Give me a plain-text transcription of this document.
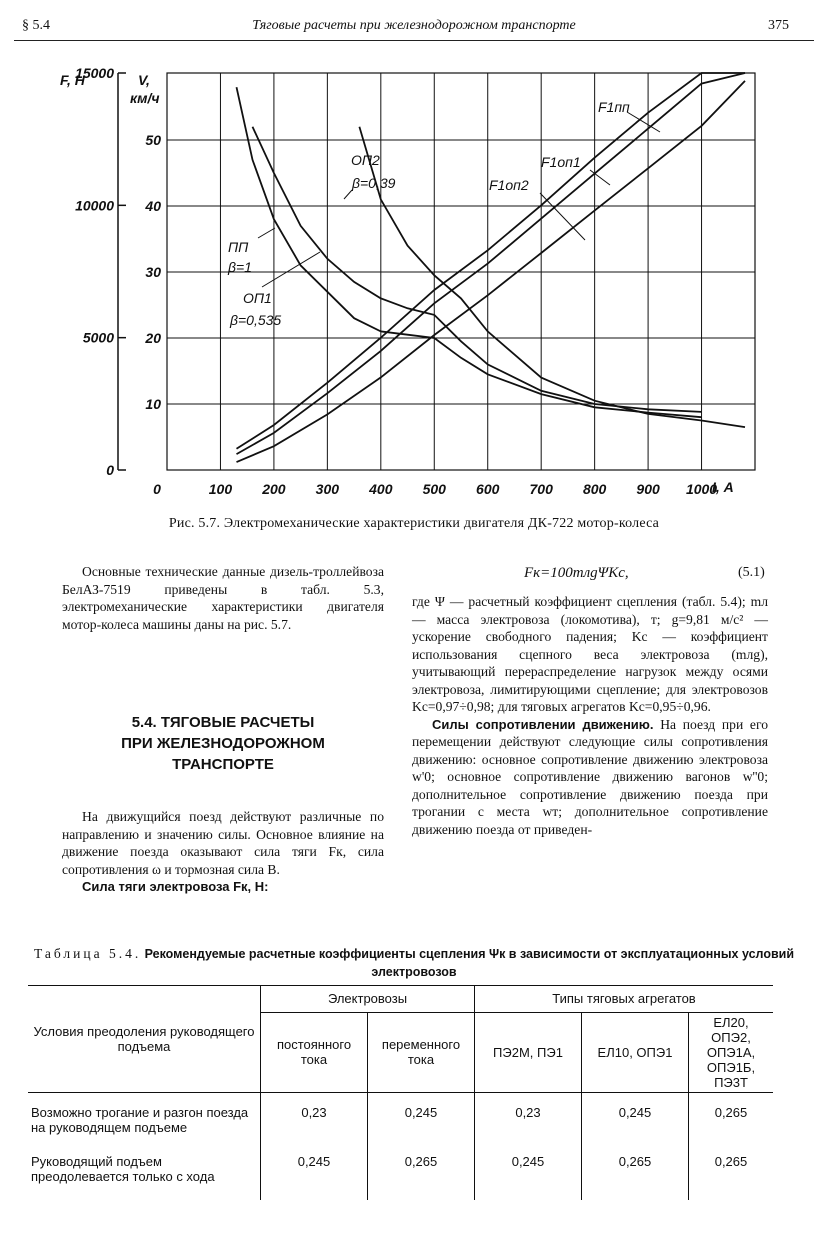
§ 5.4	Тяговые расчеты при железнодорожном транспорте	375
100 200 300 400 500 600 700 800 900 1000
0
10
20
30
40
50
0
5000
10000
15000
F, Н	V,
км/ч
I, А
ОП2
β=0,39
ПП
β=1
ОП1
β=0,535
F1пп
F1оп1
F1оп2
Рис. 5.7. Электромеханические характеристики двигателя ДК-722 мотор-колеса

Основные технические данные дизель-троллейвоза БелАЗ-7519 приведены в табл. 5.3, электромеханические характеристики двигателя мотор-колеса машины даны на рис. 5.7.

5.4. ТЯГОВЫЕ РАСЧЕТЫ
ПРИ ЖЕЛЕЗНОДОРОЖНОМ
ТРАНСПОРТЕ

На движущийся поезд действуют различные по направлению и значению силы. Основное влияние на движение поезда оказывают сила тяги Fк, сила сопротивления ω и тормозная сила B.

Сила тяги электровоза Fк, Н:

Fк=100mлgΨKс,	(5.1)

где Ψ — расчетный коэффициент сцепления (табл. 5.4); mл — масса электровоза (локомотива), т; g=9,81 м/с² — ускорение свободного падения; Kс — коэффициент использования сцепного веса электровоза (mлg), учитывающий перераспределение нагрузок между осями электровоза, лимитирующими сцепление; для электровозов Kс=0,97÷0,98; для тяговых агрегатов Kс=0,95÷0,96.

Силы сопротивлении движению. На поезд при его перемещении действуют следующие силы сопротивления движению: основное сопротивление движению электровоза w'0; основное сопротивление движению вагонов w''0; дополнительное сопротивление движению поезда при трогании с места wт; дополнительное сопротивление движению поезда от приведен-

Таблица 5.4. Рекомендуемые расчетные коэффициенты сцепления Ψк в зависимости от эксплуатационных условий электровозов
Условия преодоления руководящего подъема	Электровозы		Типы тяговых агрегатов		
	постоянного тока	переменного тока	ПЭ2М, ПЭ1	ЕЛ10, ОПЭ1	ЕЛ20, ОПЭ2, ОПЭ1А, ОПЭ1Б, ПЭ3Т
Возможно трогание и разгон поезда на руководящем подъеме	0,23	0,245	0,23	0,245	0,265
Руководящий подъем преодолевается только с хода	0,245	0,265	0,245	0,265	0,265
